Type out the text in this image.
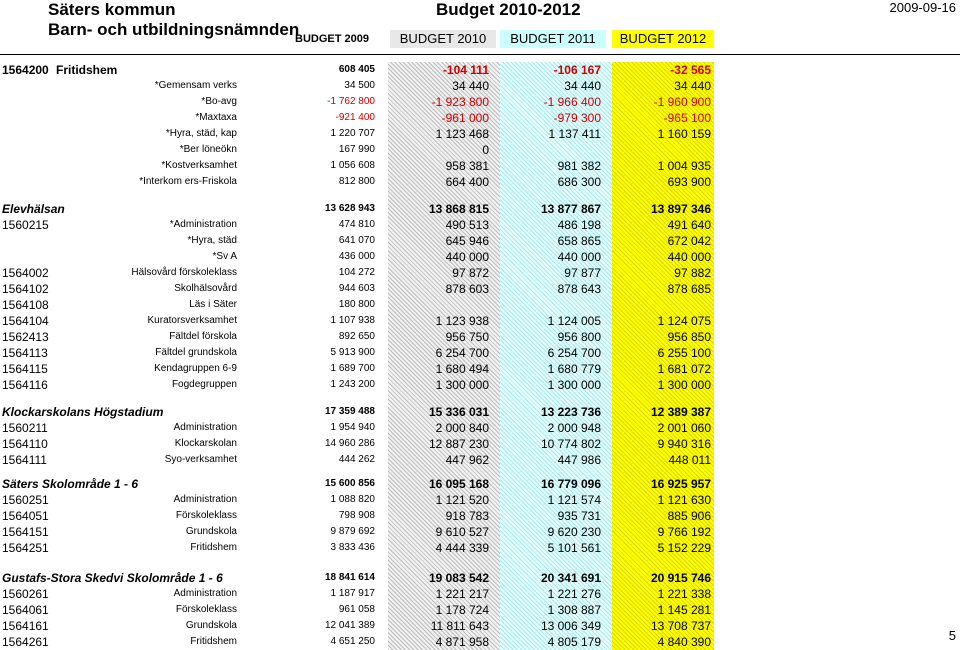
Säters kommun
Barn- och utbildningsnämnden
Budget 2010-2012	2009-09-16
BUDGET 2009	BUDGET 2010	BUDGET 2011	BUDGET 2012
1564200 Fritidshem	608 405	-104 111	-106 167	-32 565
*Gemensam verks	34 500	34 440	34 440	34 440
*Bo-avg	-1 762 800	-1 923 800	-1 966 400	-1 960 900
*Maxtaxa	-921 400	-961 000	-979 300	-965 100
*Hyra, städ, kap	1 220 707	1 123 468	1 137 411	1 160 159
*Ber löneökn	167 990	0
*Kostverksamhet	1 056 608	958 381	981 382	1 004 935
*Interkom ers-Friskola	812 800	664 400	686 300	693 900
Elevhälsan	13 628 943	13 868 815	13 877 867	13 897 346
1560215	*Administration	474 810	490 513	486 198	491 640
*Hyra, städ	641 070	645 946	658 865	672 042
*Sv A	436 000	440 000	440 000	440 000
1564002	Hälsovård förskoleklass	104 272	97 872	97 877	97 882
1564102	Skolhälsovård	944 603	878 603	878 643	878 685
1564108	Läs i Säter	180 800
1564104	Kuratorsverksamhet	1 107 938	1 123 938	1 124 005	1 124 075
1562413	Fältdel förskola	892 650	956 750	956 800	956 850
1564113	Fältdel grundskola	5 913 900	6 254 700	6 254 700	6 255 100
1564115	Kendagruppen 6-9	1 689 700	1 680 494	1 680 779	1 681 072
1564116	Fogdegruppen	1 243 200	1 300 000	1 300 000	1 300 000
Klockarskolans Högstadium	17 359 488	15 336 031	13 223 736	12 389 387
1560211	Administration	1 954 940	2 000 840	2 000 948	2 001 060
1564110	Klockarskolan	14 960 286	12 887 230	10 774 802	9 940 316
1564111	Syo-verksamhet	444 262	447 962	447 986	448 011
Säters Skolområde 1 - 6	15 600 856	16 095 168	16 779 096	16 925 957
1560251	Administration	1 088 820	1 121 520	1 121 574	1 121 630
1564051	Förskoleklass	798 908	918 783	935 731	885 906
1564151	Grundskola	9 879 692	9 610 527	9 620 230	9 766 192
1564251	Fritidshem	3 833 436	4 444 339	5 101 561	5 152 229
Gustafs-Stora Skedvi Skolområde 1 - 6	18 841 614	19 083 542	20 341 691	20 915 746
1560261	Administration	1 187 917	1 221 217	1 221 276	1 221 338
1564061	Förskoleklass	961 058	1 178 724	1 308 887	1 145 281
1564161	Grundskola	12 041 389	11 811 643	13 006 349	13 708 737
1564261	Fritidshem	4 651 250	4 871 958	4 805 179	4 840 390	5
